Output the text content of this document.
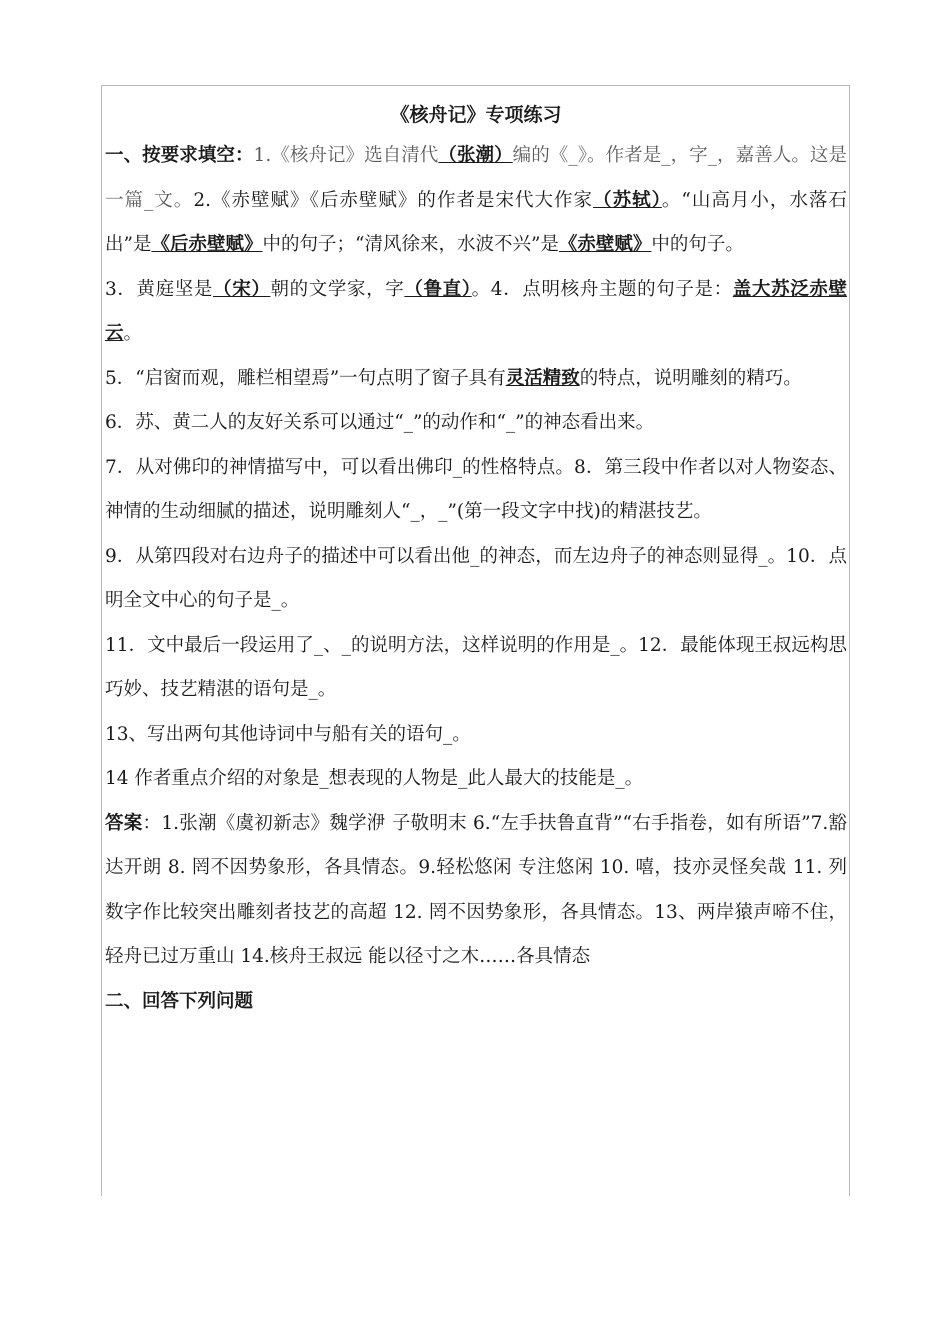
《核舟记》专项练习
一、按要求填空：1.《核舟记》选自清代（张潮）编的《_》。作者是_，字_，嘉善人。这是一篇_文。2.《赤壁赋》《后赤壁赋》的作者是宋代大作家（苏轼）。“山高月小，水落石出”是《后赤壁赋》中的句子；“清风徐来，水波不兴”是《赤壁赋》中的句子。
3．黄庭坚是（宋）朝的文学家，字（鲁直）。4．点明核舟主题的句子是：盖大苏泛赤壁云。
5．“启窗而观，雕栏相望焉”一句点明了窗子具有灵活精致的特点，说明雕刻的精巧。
6．苏、黄二人的友好关系可以通过“_”的动作和“_”的神态看出来。
7．从对佛印的神情描写中，可以看出佛印_的性格特点。8．第三段中作者以对人物姿态、神情的生动细腻的描述，说明雕刻人“_，_”(第一段文字中找)的精湛技艺。
9．从第四段对右边舟子的描述中可以看出他_的神态，而左边舟子的神态则显得_。10．点明全文中心的句子是_。
11．文中最后一段运用了_、_的说明方法，这样说明的作用是_。12．最能体现王叔远构思巧妙、技艺精湛的语句是_。
13、写出两句其他诗词中与船有关的语句_。
14 作者重点介绍的对象是_想表现的人物是_此人最大的技能是_。
答案：1.张潮《虞初新志》魏学洢 子敬明末 6.“左手扶鲁直背”“右手指卷，如有所语”7.豁达开朗 8. 罔不因势象形，各具情态。9.轻松悠闲 专注悠闲 10. 嘻，技亦灵怪矣哉 11. 列数字作比较突出雕刻者技艺的高超 12. 罔不因势象形，各具情态。13、两岸猿声啼不住，轻舟已过万重山 14.核舟王叔远 能以径寸之木……各具情态
二、回答下列问题
